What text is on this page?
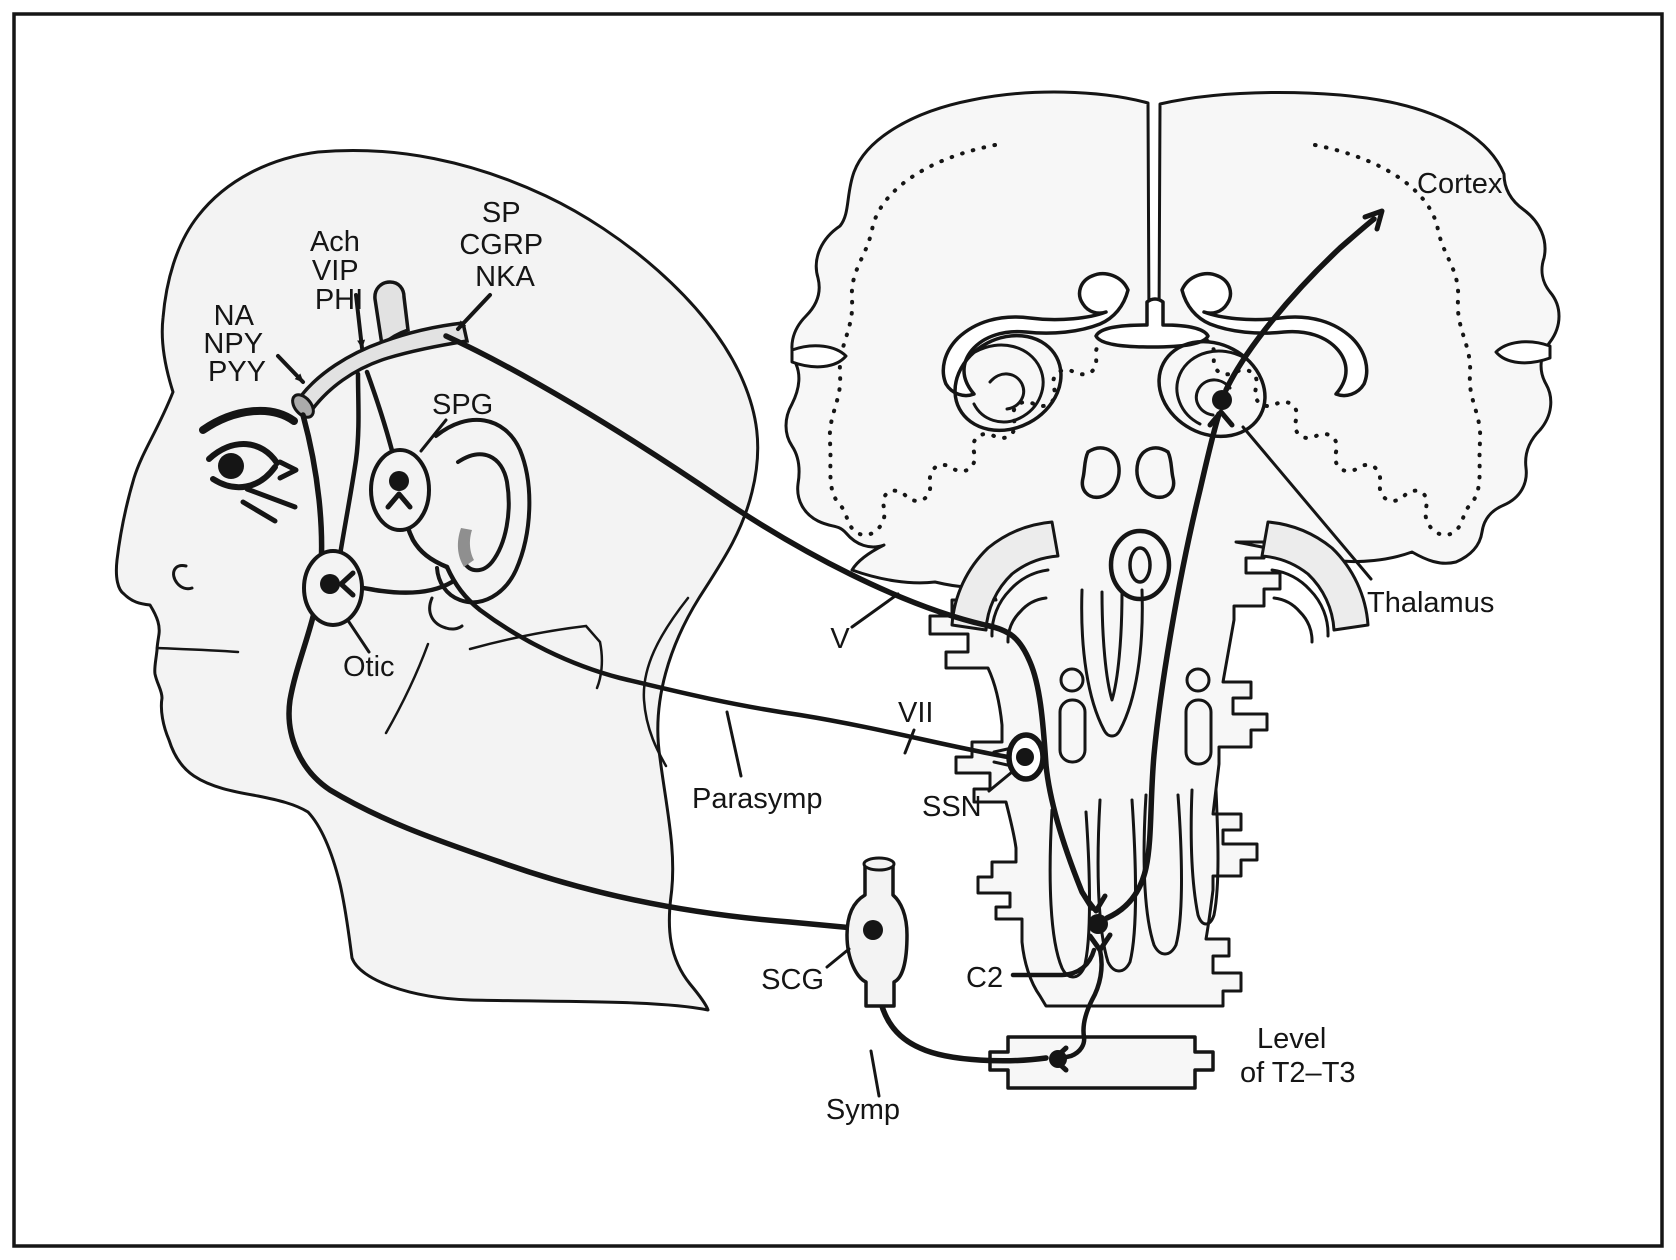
NA NPY PYY
Ach VIP PHI
SP CGRP NKA
SPG
Otic
Cortex
Thalamus
V
VII
Parasymp	SSN
SCG	C2
Symp
Level of T2–T3
